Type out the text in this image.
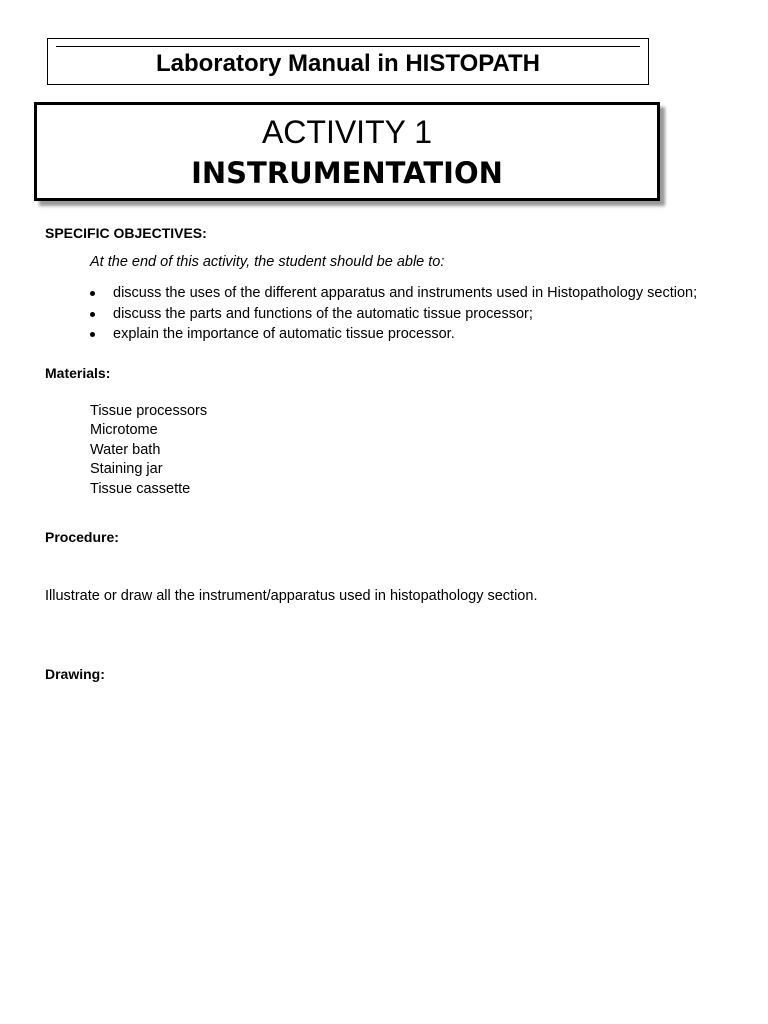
Laboratory Manual in HISTOPATH
ACTIVITY 1
INSTRUMENTATION
SPECIFIC OBJECTIVES:
At the end of this activity, the student should be able to:
discuss the uses of the different apparatus and instruments used in Histopathology section;
discuss the parts and functions of the automatic tissue processor;
explain the importance of automatic tissue processor.
Materials:
Tissue processors
Microtome
Water bath
Staining jar
Tissue cassette
Procedure:
Illustrate or draw all the instrument/apparatus used in histopathology section.
Drawing:
